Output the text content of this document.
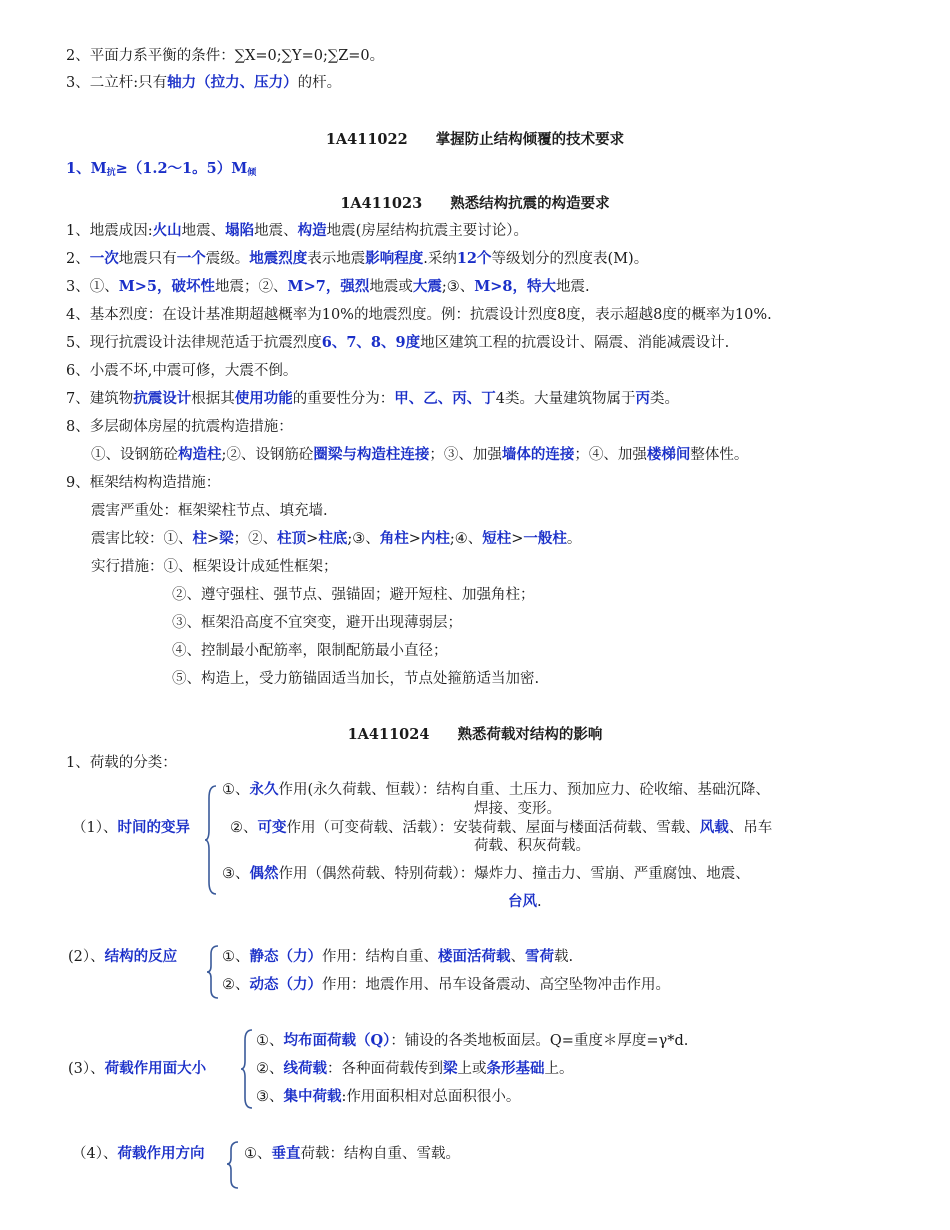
2、平面力系平衡的条件：∑X=0;∑Y=0;∑Z=0。
3、二立杆:只有轴力（拉力、压力）的杆。
1A411022 掌握防止结构倾覆的技术要求
1、$M_抗\ge(1.2\sim 1$。$5)M_倾$
1A411023 熟悉结构抗震的构造要求
1、地震成因:火山地震、塌陷地震、构造地震(房屋结构抗震主要讨论）。
2、一次地震只有一个震级。地震烈度表示地震影响程度.采纳12个等级划分的烈度表(M)。
3、①、M>5，破坏性地震；②、M>7，强烈地震或大震;③、M>8，特大地震.
4、基本烈度：在设计基准期超越概率为10%的地震烈度。例：抗震设计烈度8度，表示超越8度的概率为10%.
5、现行抗震设计法律规范适于抗震烈度6、7、8、9度地区建筑工程的抗震设计、隔震、消能减震设计.
6、小震不坏,中震可修，大震不倒。
7、建筑物抗震设计根据其使用功能的重要性分为：甲、乙、丙、丁4类。大量建筑物属于丙类。
8、多层砌体房屋的抗震构造措施：
①、设钢筋砼构造柱;②、设钢筋砼圈梁与构造柱连接；③、加强墙体的连接；④、加强楼梯间整体性。
9、框架结构构造措施：
震害严重处：框架梁柱节点、填充墙.
震害比较：①、柱>梁；②、柱顶>柱底;③、角柱>内柱;④、短柱>一般柱。
实行措施：①、框架设计成延性框架；
②、遵守强柱、强节点、强锚固；避开短柱、加强角柱；
③、框架沿高度不宜突变，避开出现薄弱层；
④、控制最小配筋率，限制配筋最小直径；
⑤、构造上，受力筋锚固适当加长，节点处箍筋适当加密.
1A411024 熟悉荷载对结构的影响
1、荷载的分类：
（1）、时间的变异
①、永久作用(永久荷载、恒载）：结构自重、土压力、预加应力、砼收缩、基础沉降、
焊接、变形。
②、可变作用（可变荷载、活载）：安装荷载、屋面与楼面活荷载、雪载、风载、吊车
荷载、积灰荷载。
③、偶然作用（偶然荷载、特别荷载）：爆炸力、撞击力、雪崩、严重腐蚀、地震、
台风.
(2）、结构的反应	①、静态（力）作用：结构自重、楼面活荷载、雪荷载.
②、动态（力）作用：地震作用、吊车设备震动、高空坠物冲击作用。
(3）、荷载作用面大小
①、均布面荷载（Q）：铺设的各类地板面层。Q=重度＊厚度=γ*d.
②、线荷载：各种面荷载传到梁上或条形基础上。
③、集中荷载:作用面积相对总面积很小。
（4）、荷载作用方向	①、垂直荷载：结构自重、雪载。
